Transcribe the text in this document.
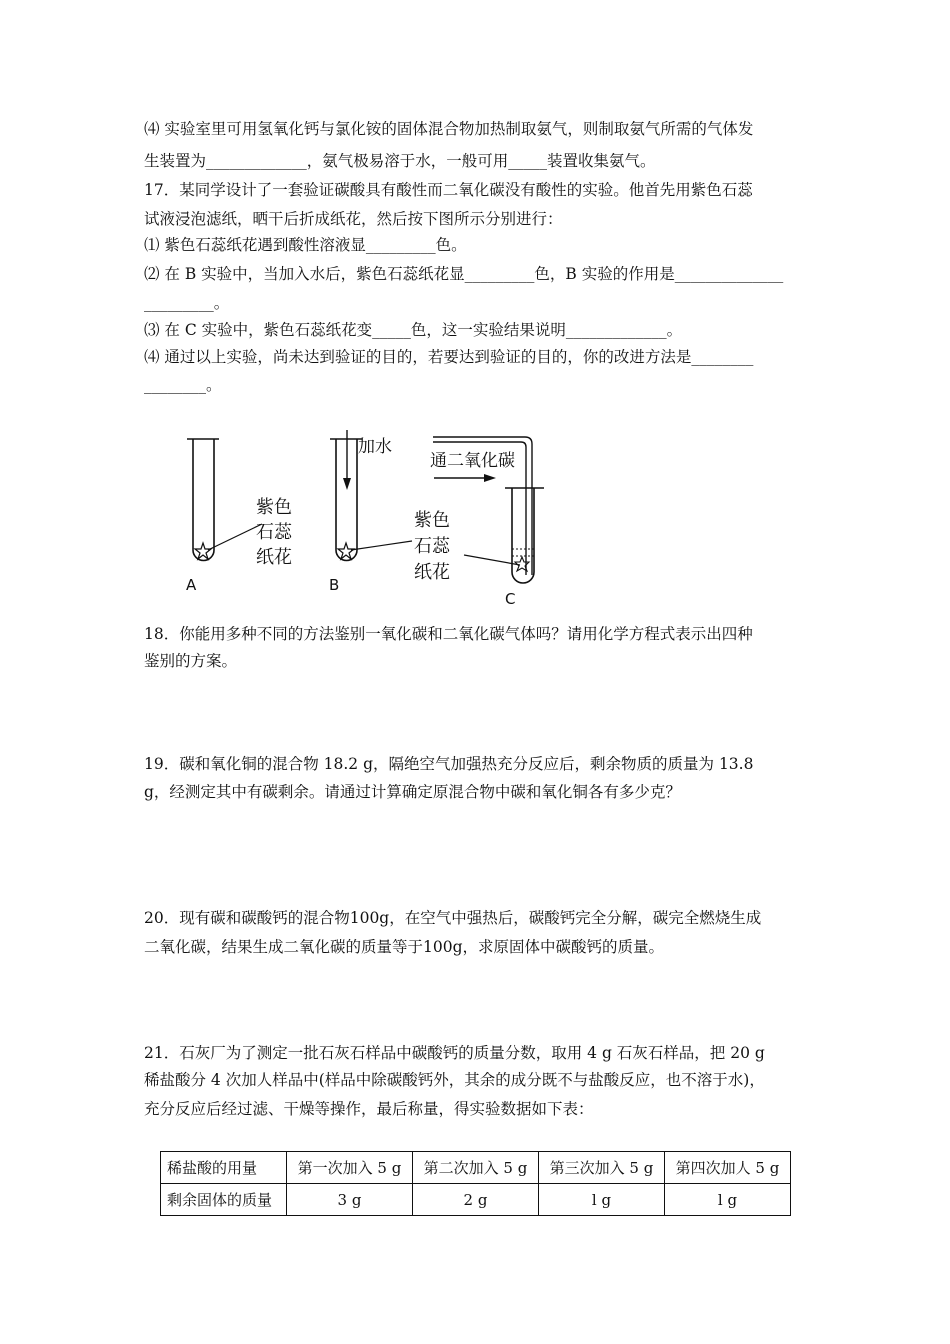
⑷ 实验室里可用氢氧化钙与氯化铵的固体混合物加热制取氨气，则制取氨气所需的气体发
生装置为_____________，氨气极易溶于水，一般可用_____装置收集氨气。
17．某同学设计了一套验证碳酸具有酸性而二氧化碳没有酸性的实验。他首先用紫色石蕊
试液浸泡滤纸，晒干后折成纸花，然后按下图所示分别进行：
⑴ 紫色石蕊纸花遇到酸性溶液显_________色。
⑵ 在 B 实验中，当加入水后，紫色石蕊纸花显_________色，B 实验的作用是______________
_________。
⑶ 在 C 实验中，紫色石蕊纸花变_____色，这一实验结果说明_____________。
⑷ 通过以上实验，尚未达到验证的目的，若要达到验证的目的，你的改进方法是________
________。
紫色
石蕊
纸花
A
加水
紫色
石蕊
纸花
B
通二氧化碳
C
18．你能用多种不同的方法鉴别一氧化碳和二氧化碳气体吗？请用化学方程式表示出四种
鉴别的方案。
19．碳和氧化铜的混合物 18.2 g，隔绝空气加强热充分反应后，剩余物质的质量为 13.8
g，经测定其中有碳剩余。请通过计算确定原混合物中碳和氧化铜各有多少克？
20．现有碳和碳酸钙的混合物100g，在空气中强热后，碳酸钙完全分解，碳完全燃烧生成
二氧化碳，结果生成二氧化碳的质量等于100g，求原固体中碳酸钙的质量。
21．石灰厂为了测定一批石灰石样品中碳酸钙的质量分数，取用 4 g 石灰石样品，把 20 g
稀盐酸分 4 次加人样品中(样品中除碳酸钙外，其余的成分既不与盐酸反应，也不溶于水)，
充分反应后经过滤、干燥等操作，最后称量，得实验数据如下表：
稀盐酸的用量	第一次加入 5 g	第二次加入 5 g	第三次加入 5 g	第四次加人 5 g
剩余固体的质量	3 g	2 g	l g	l g
